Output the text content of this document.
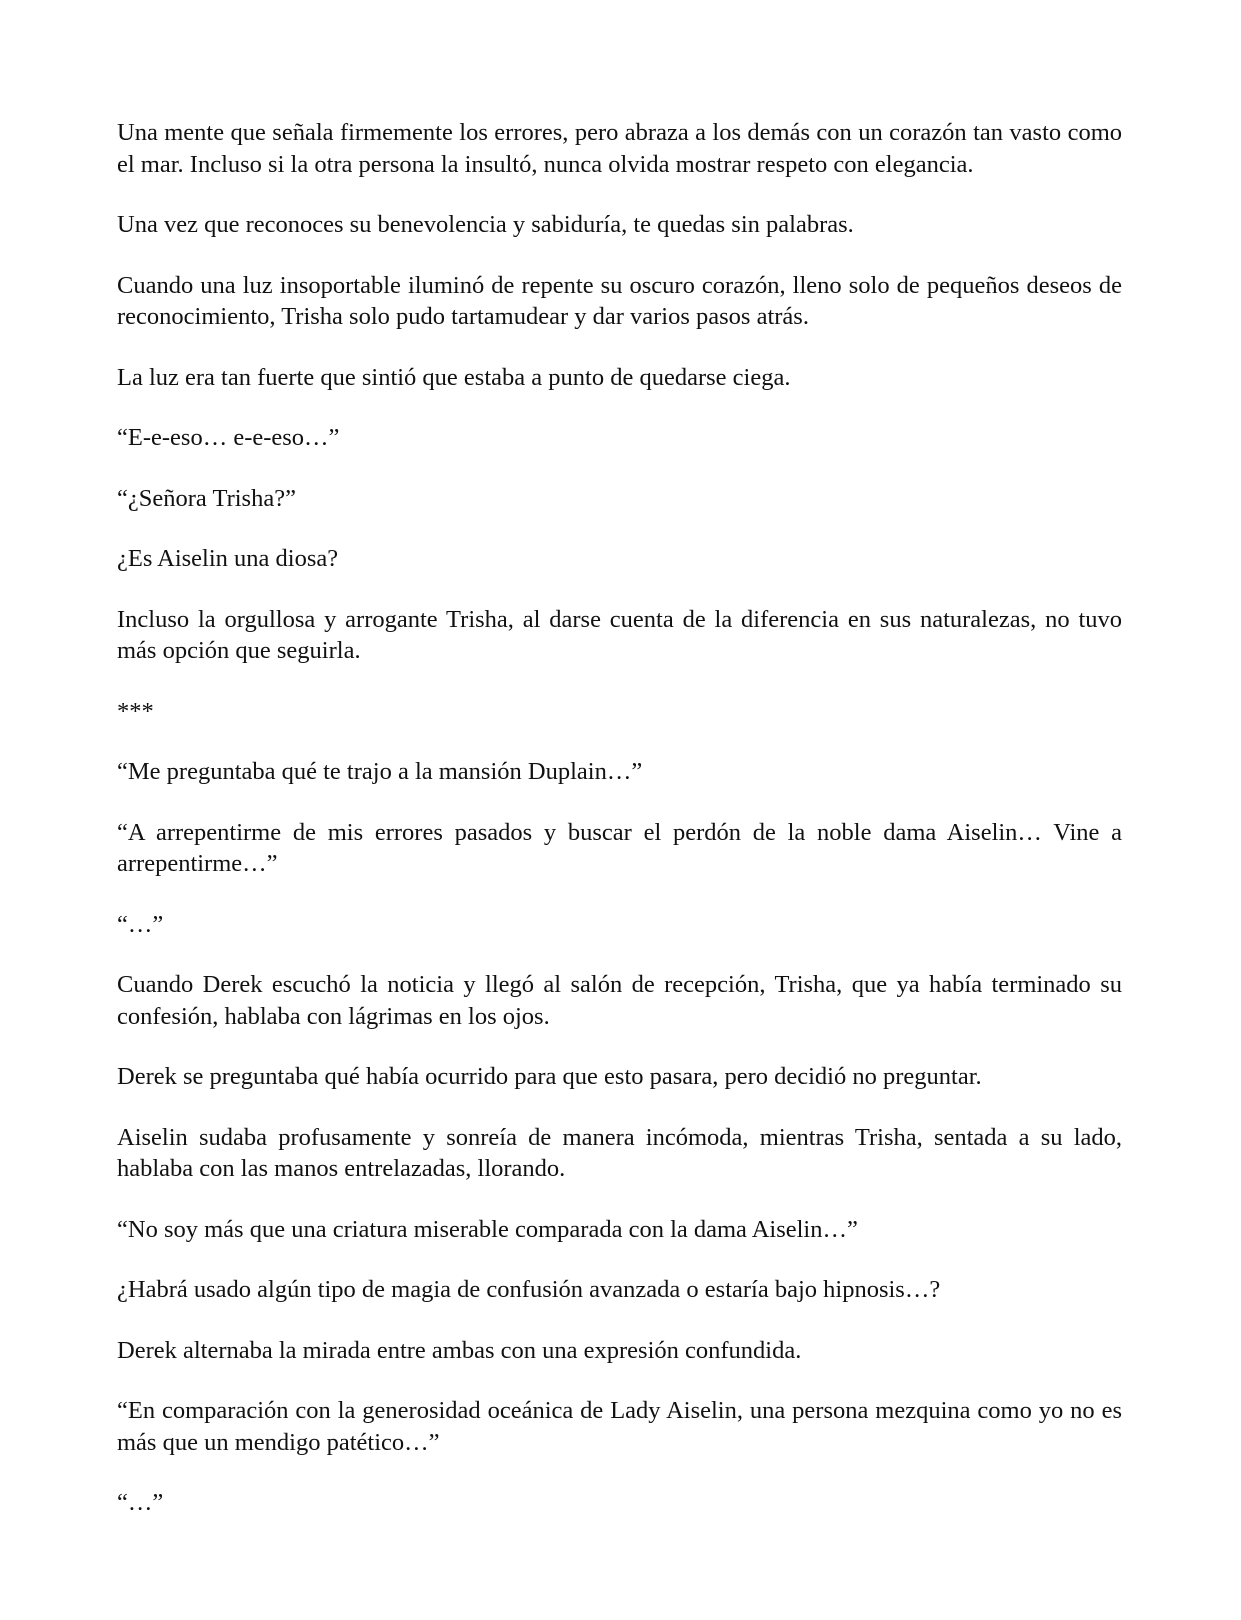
Una mente que señala firmemente los errores, pero abraza a los demás con un corazón tan vasto como el mar. Incluso si la otra persona la insultó, nunca olvida mostrar respeto con elegancia.

Una vez que reconoces su benevolencia y sabiduría, te quedas sin palabras.

Cuando una luz insoportable iluminó de repente su oscuro corazón, lleno solo de pequeños deseos de reconocimiento, Trisha solo pudo tartamudear y dar varios pasos atrás.

La luz era tan fuerte que sintió que estaba a punto de quedarse ciega.

“E-e-eso… e-e-eso…”

“¿Señora Trisha?”

¿Es Aiselin una diosa?

Incluso la orgullosa y arrogante Trisha, al darse cuenta de la diferencia en sus naturalezas, no tuvo más opción que seguirla.

***

“Me preguntaba qué te trajo a la mansión Duplain…”

“A arrepentirme de mis errores pasados y buscar el perdón de la noble dama Aiselin… Vine a arrepentirme…”

“…”

Cuando Derek escuchó la noticia y llegó al salón de recepción, Trisha, que ya había terminado su confesión, hablaba con lágrimas en los ojos.

Derek se preguntaba qué había ocurrido para que esto pasara, pero decidió no preguntar.

Aiselin sudaba profusamente y sonreía de manera incómoda, mientras Trisha, sentada a su lado, hablaba con las manos entrelazadas, llorando.

“No soy más que una criatura miserable comparada con la dama Aiselin…”

¿Habrá usado algún tipo de magia de confusión avanzada o estaría bajo hipnosis…?

Derek alternaba la mirada entre ambas con una expresión confundida.

“En comparación con la generosidad oceánica de Lady Aiselin, una persona mezquina como yo no es más que un mendigo patético…”

“…”
